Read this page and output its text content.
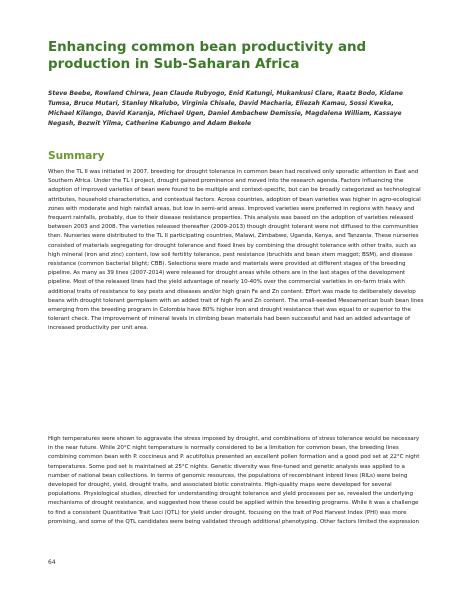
Enhancing common bean productivity and production in Sub-Saharan Africa

Steve Beebe, Rowland Chirwa, Jean Claude Rubyogo, Enid Katungi, Mukankusi Clare, Raatz Bodo, Kidane Tumsa, Bruce Mutari, Stanley Nkalubo, Virginia Chisale, David Macharia, Eliezah Kamau, Sossi Kweka, Michael Kilango, David Karanja, Michael Ugen, Daniel Ambachew Demissie, Magdalena William, Kassaye Negash, Bezwit Yilma, Catherine Kabungo and Adam Bekele

Summary

When the TL II was initiated in 2007, breeding for drought tolerance in common bean had received only sporadic attention in East and Southern Africa. Under the TL I project, drought gained prominence and moved into the research agenda. Factors influencing the adoption of improved varieties of bean were found to be multiple and context-specific, but can be broadly categorized as technological attributes, household characteristics, and contextual factors. Across countries, adoption of bean varieties was higher in agro-ecological zones with moderate and high rainfall areas, but low in semi-arid areas. Improved varieties were preferred in regions with heavy and frequent rainfalls, probably, due to their disease resistance properties. This analysis was based on the adoption of varieties released between 2003 and 2008. The varieties released thereafter (2009-2013) though drought tolerant were not diffused to the communities then. Nurseries were distributed to the TL II participating countries, Malawi, Zimbabwe, Uganda, Kenya, and Tanzania. These nurseries consisted of materials segregating for drought tolerance and fixed lines by combining the drought tolerance with other traits, such as high mineral (iron and zinc) content, low soil fertility tolerance, pest resistance (bruchids and bean stem maggot; BSM), and disease resistance (common bacterial blight; CBB). Selections were made and materials were provided at different stages of the breeding pipeline. As many as 39 lines (2007-2014) were released for drought areas while others are in the last stages of the development pipeline. Most of the released lines had the yield advantage of nearly 10-40% over the commercial varieties in on-farm trials with additional traits of resistance to key pests and diseases and/or high grain Fe and Zn content. Effort was made to deliberately develop beans with drought tolerant germplasm with an added trait of high Fe and Zn content. The small-seeded Mesoamerican bush bean lines emerging from the breeding program in Colombia have 80% higher iron and drought resistance that was equal to or superior to the tolerant check. The improvement of mineral levels in climbing bean materials had been successful and had an added advantage of increased productivity per unit area.

High temperatures were shown to aggravate the stress imposed by drought, and combinations of stress tolerance would be necessary in the near future. While 20°C night temperature is normally considered to be a limitation for common bean, the breeding lines combining common bean with P. coccineus and P. acutifolius presented an excellent pollen formation and a good pod set at 22°C night temperatures. Some pod set is maintained at 25°C nights. Genetic diversity was fine-tuned and genetic analysis was applied to a number of national bean collections. In terms of genomic resources, the populations of recombinant inbred lines (RILs) were being developed for drought, yield, drought traits, and associated biotic constraints. High-quality maps were developed for several populations. Physiological studies, directed for understanding drought tolerance and yield processes per se, revealed the underlying mechanisms of drought resistance, and suggested how these could be applied within the breeding programs. While it was a challenge to find a consistent Quantitative Trait Loci (QTL) for yield under drought, focusing on the trait of Pod Harvest Index (PHI) was more promising, and some of the QTL candidates were being validated through additional phenotyping. Other factors limited the expression

64
